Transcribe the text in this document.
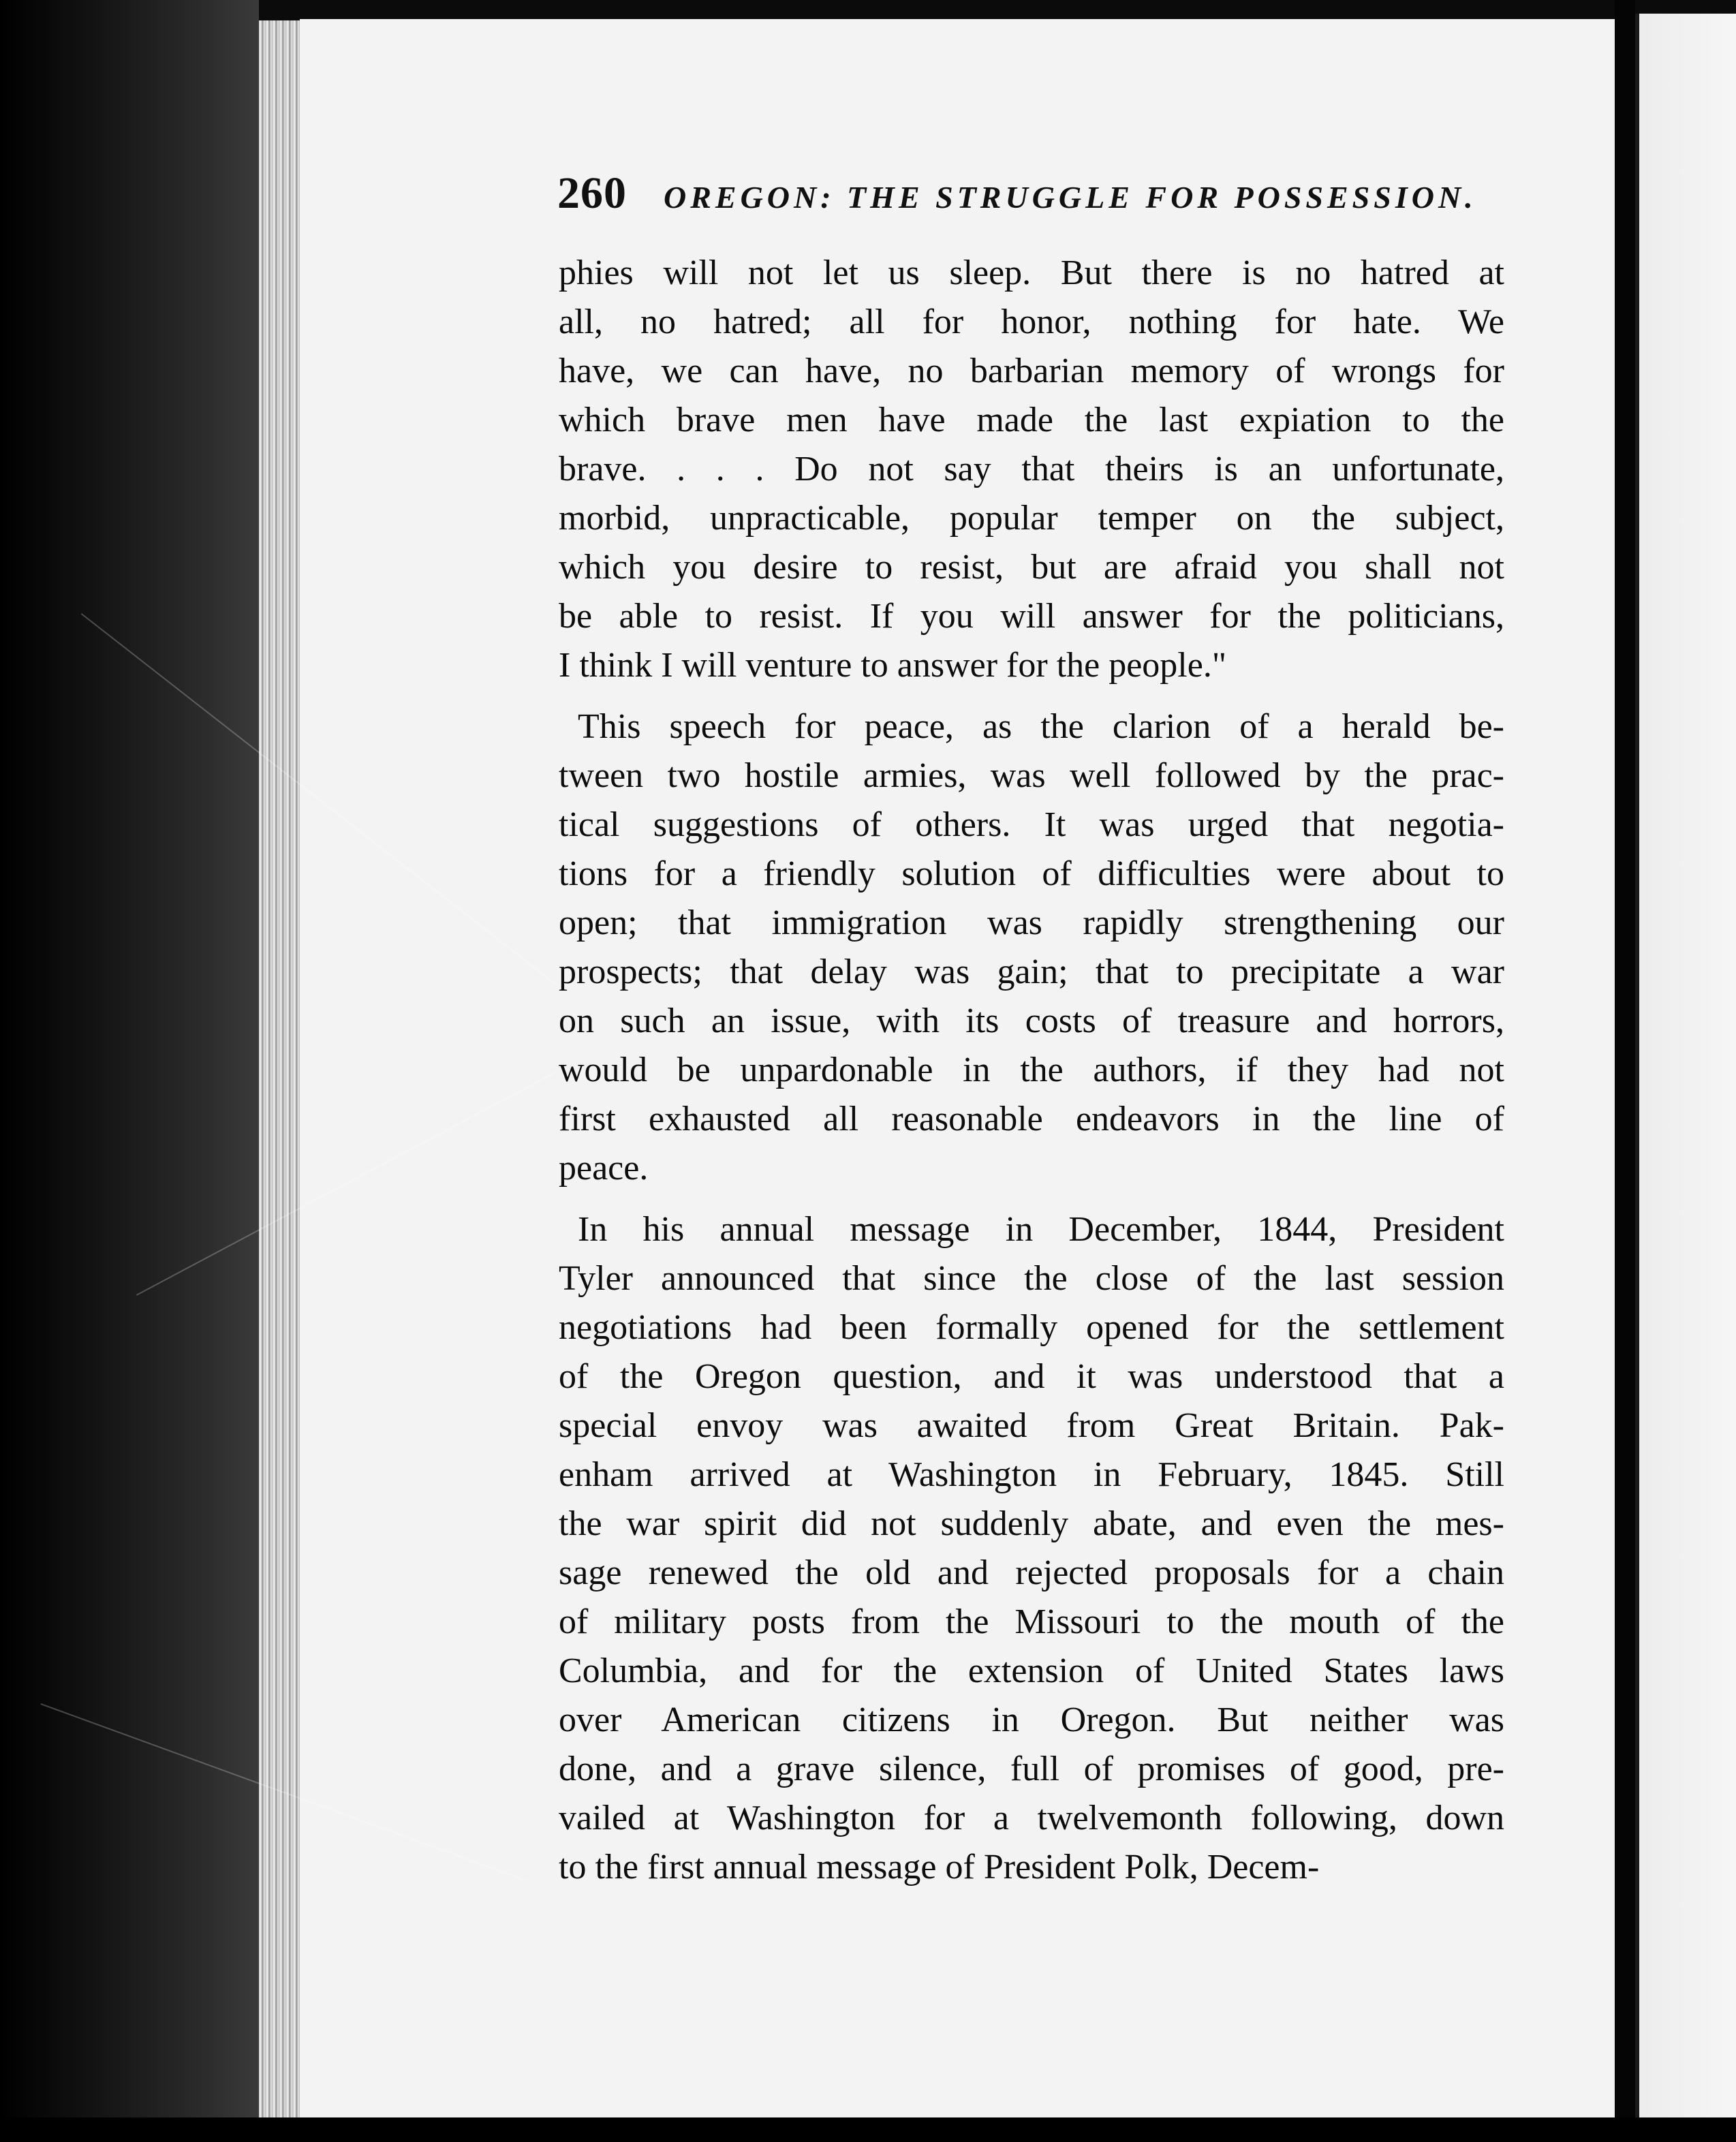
260 OREGON: THE STRUGGLE FOR POSSESSION.
phies will not let us sleep. But there is no hatred at
all, no hatred; all for honor, nothing for hate. We
have, we can have, no barbarian memory of wrongs for
which brave men have made the last expiation to the
brave. . . . Do not say that theirs is an unfortunate,
morbid, unpracticable, popular temper on the subject,
which you desire to resist, but are afraid you shall not
be able to resist. If you will answer for the politicians,
I think I will venture to answer for the people."
This speech for peace, as the clarion of a herald be-
tween two hostile armies, was well followed by the prac-
tical suggestions of others. It was urged that negotia-
tions for a friendly solution of difficulties were about to
open; that immigration was rapidly strengthening our
prospects; that delay was gain; that to precipitate a war
on such an issue, with its costs of treasure and horrors,
would be unpardonable in the authors, if they had not
first exhausted all reasonable endeavors in the line of
peace.
In his annual message in December, 1844, President
Tyler announced that since the close of the last session
negotiations had been formally opened for the settlement
of the Oregon question, and it was understood that a
special envoy was awaited from Great Britain. Pak-
enham arrived at Washington in February, 1845. Still
the war spirit did not suddenly abate, and even the mes-
sage renewed the old and rejected proposals for a chain
of military posts from the Missouri to the mouth of the
Columbia, and for the extension of United States laws
over American citizens in Oregon. But neither was
done, and a grave silence, full of promises of good, pre-
vailed at Washington for a twelvemonth following, down
to the first annual message of President Polk, Decem-
